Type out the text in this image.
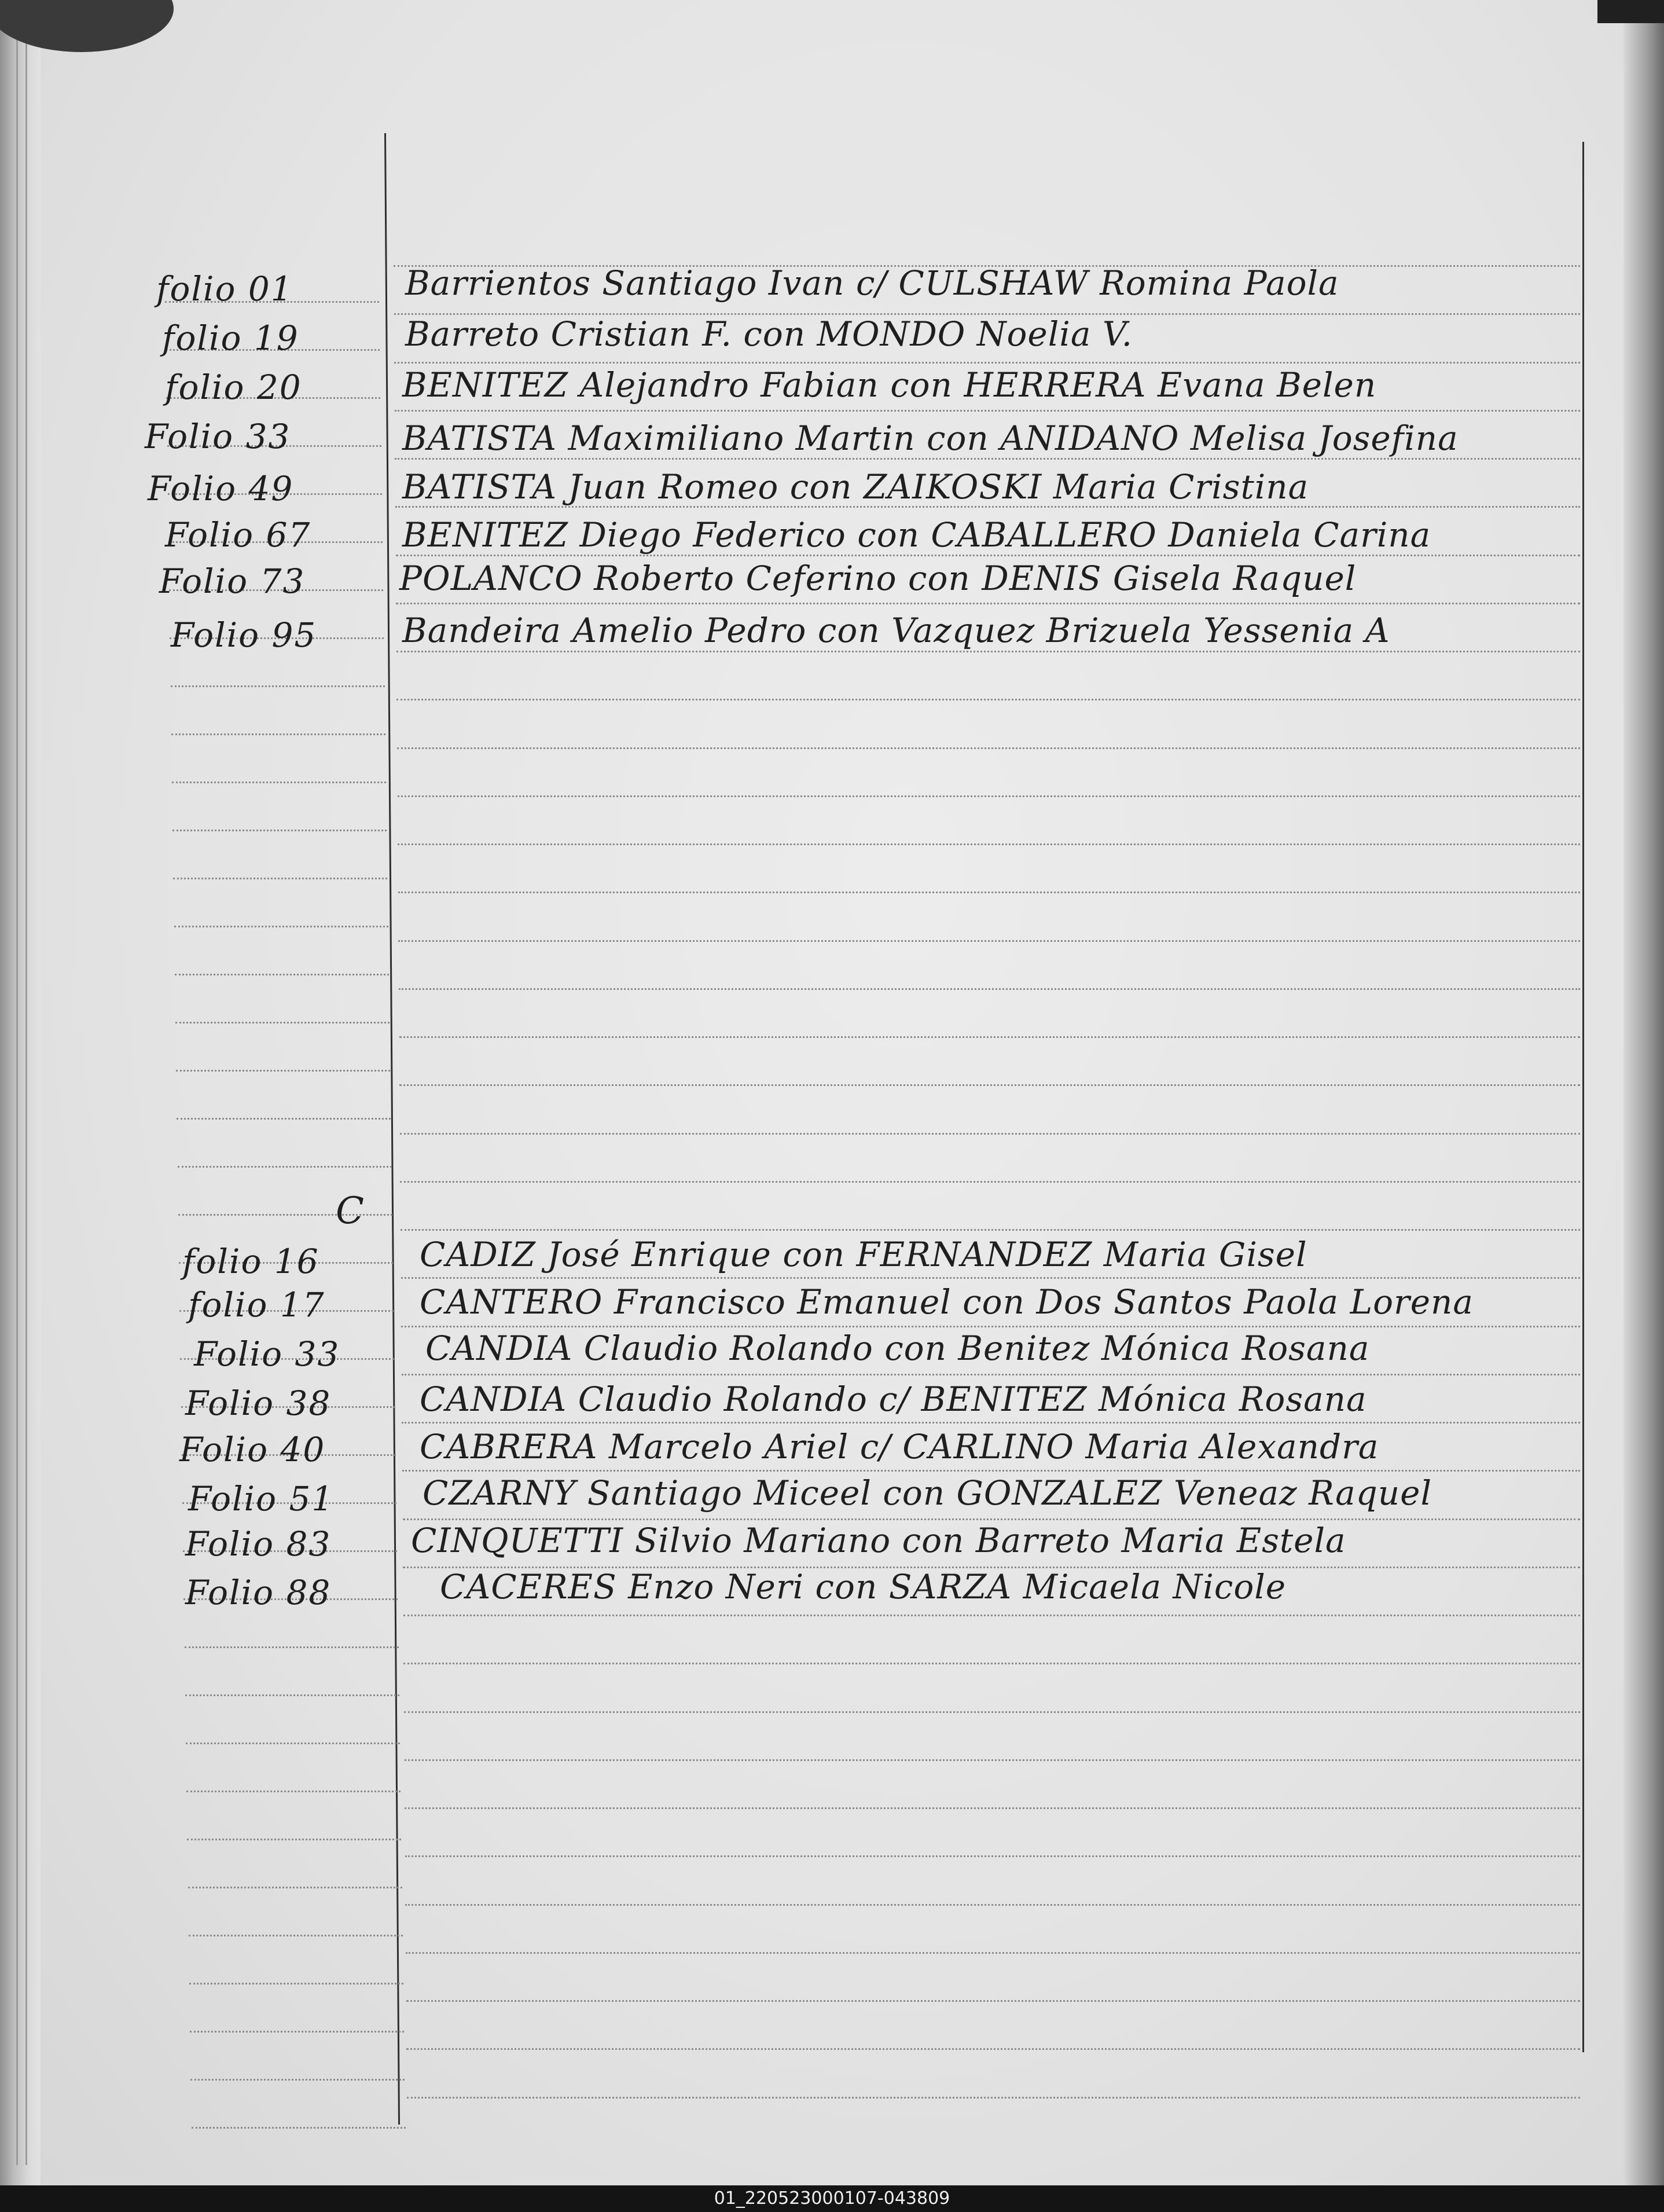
folio 01	Barrientos Santiago Ivan c/ CULSHAW Romina Paola
folio 19	Barreto Cristian F. con MONDO Noelia V.
folio 20	BENITEZ Alejandro Fabian con HERRERA Evana Belen
Folio 33	BATISTA Maximiliano Martin con ANIDANO Melisa Josefina
Folio 49	BATISTA Juan Romeo con ZAIKOSKI Maria Cristina
Folio 67	BENITEZ Diego Federico con CABALLERO Daniela Carina
Folio 73	POLANCO Roberto Ceferino con DENIS Gisela Raquel
Folio 95	Bandeira Amelio Pedro con Vazquez Brizuela Yessenia A
C
folio 16	CADIZ José Enrique con FERNANDEZ Maria Gisel
folio 17	CANTERO Francisco Emanuel con Dos Santos Paola Lorena
Folio 33	CANDIA Claudio Rolando con Benitez Mónica Rosana
Folio 38	CANDIA Claudio Rolando c/ BENITEZ Mónica Rosana
Folio 40	CABRERA Marcelo Ariel c/ CARLINO Maria Alexandra
Folio 51	CZARNY Santiago Miceel con GONZALEZ Veneaz Raquel
Folio 83 CINQUETTI Silvio Mariano con Barreto Maria Estela
Folio 88	CACERES Enzo Neri con SARZA Micaela Nicole
01_220523000107-043809
